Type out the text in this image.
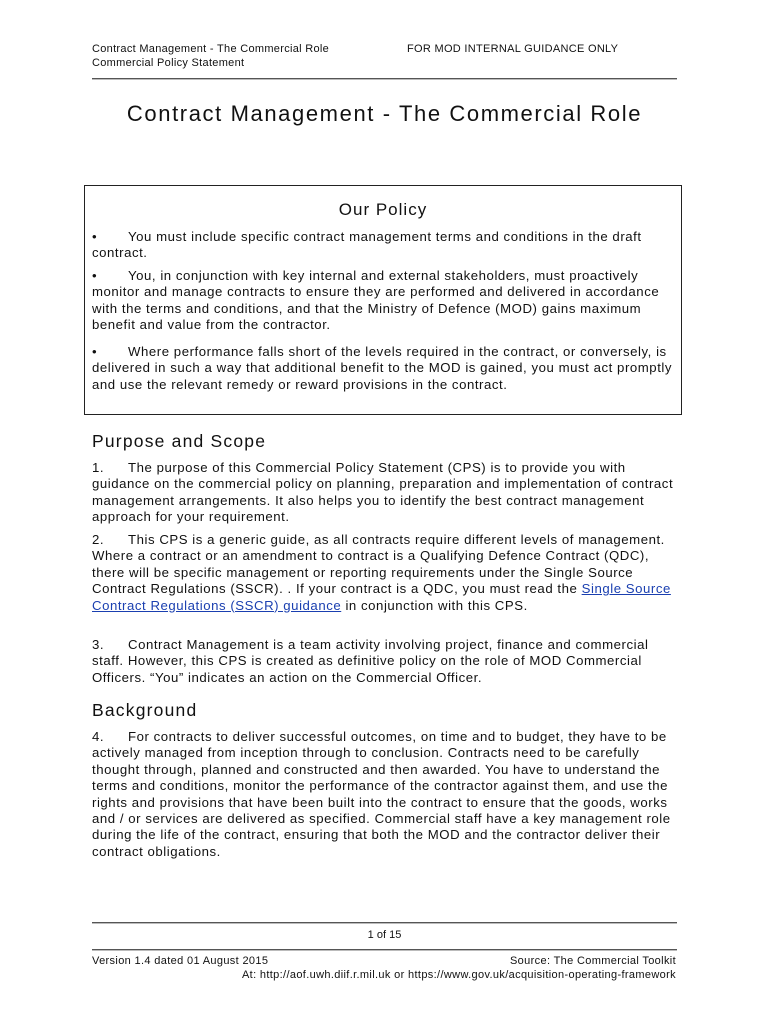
Contract Management - The Commercial Role
Commercial Policy Statement
FOR MOD INTERNAL GUIDANCE ONLY
Contract Management - The Commercial Role
Our Policy

• You must include specific contract management terms and conditions in the draft contract.

• You, in conjunction with key internal and external stakeholders, must proactively monitor and manage contracts to ensure they are performed and delivered in accordance with the terms and conditions, and that the Ministry of Defence (MOD) gains maximum benefit and value from the contractor.

• Where performance falls short of the levels required in the contract, or conversely, is delivered in such a way that additional benefit to the MOD is gained, you must act promptly and use the relevant remedy or reward provisions in the contract.

Purpose and Scope

1. The purpose of this Commercial Policy Statement (CPS) is to provide you with guidance on the commercial policy on planning, preparation and implementation of contract management arrangements. It also helps you to identify the best contract management approach for your requirement.

2. This CPS is a generic guide, as all contracts require different levels of management. Where a contract or an amendment to contract is a Qualifying Defence Contract (QDC), there will be specific management or reporting requirements under the Single Source Contract Regulations (SSCR). . If your contract is a QDC, you must read the Single Source Contract Regulations (SSCR) guidance in conjunction with this CPS.

3. Contract Management is a team activity involving project, finance and commercial staff. However, this CPS is created as definitive policy on the role of MOD Commercial Officers. “You” indicates an action on the Commercial Officer.

Background

4. For contracts to deliver successful outcomes, on time and to budget, they have to be actively managed from inception through to conclusion. Contracts need to be carefully thought through, planned and constructed and then awarded. You have to understand the terms and conditions, monitor the performance of the contractor against them, and use the rights and provisions that have been built into the contract to ensure that the goods, works and / or services are delivered as specified. Commercial staff have a key management role during the life of the contract, ensuring that both the MOD and the contractor deliver their contract obligations.

1 of 15
Version 1.4 dated 01 August 2015	Source: The Commercial Toolkit
At: http://aof.uwh.diif.r.mil.uk or https://www.gov.uk/acquisition-operating-framework
